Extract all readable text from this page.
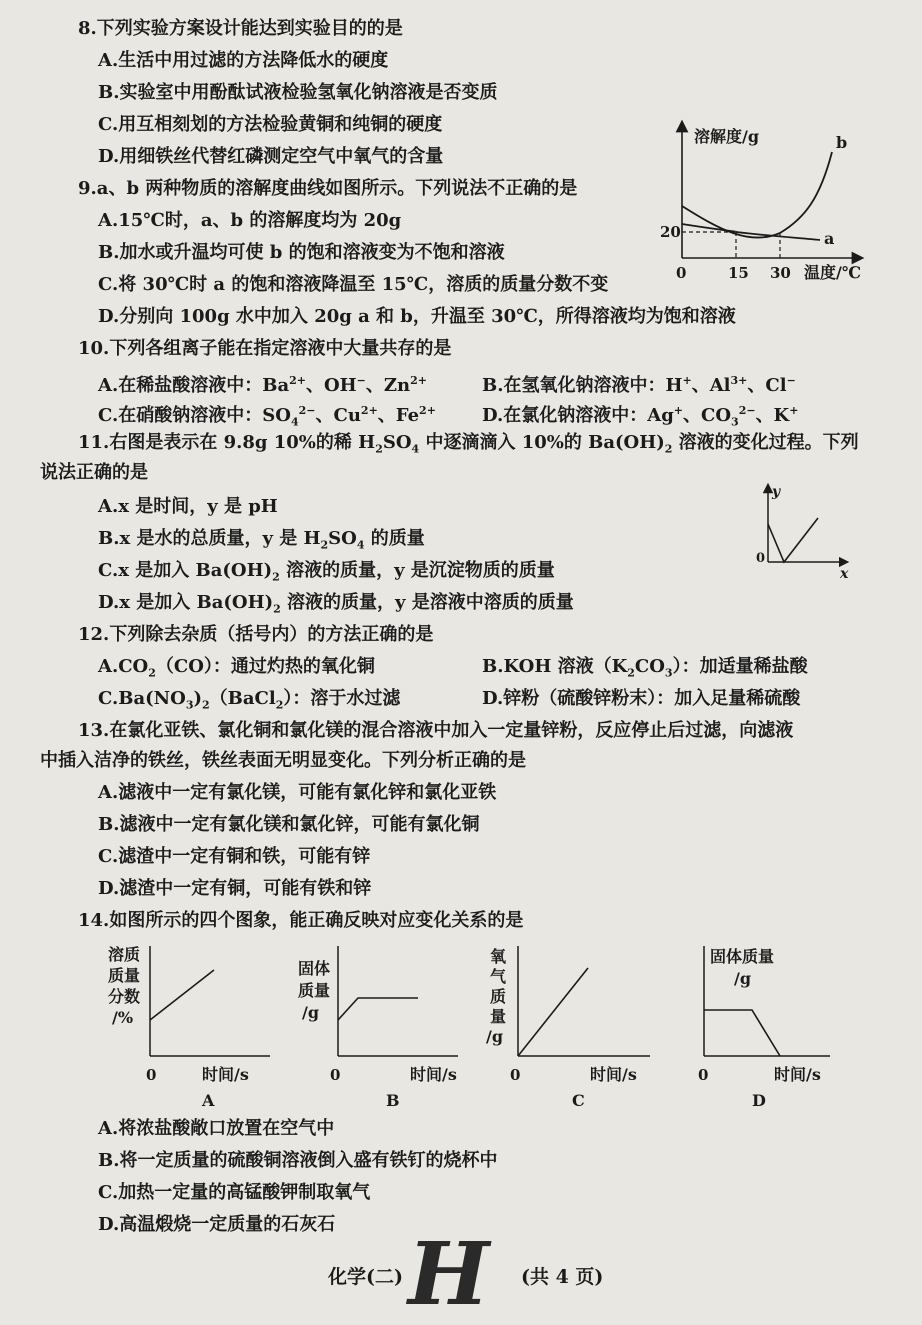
8.下列实验方案设计能达到实验目的的是
A.生活中用过滤的方法降低水的硬度
B.实验室中用酚酞试液检验氢氧化钠溶液是否变质
C.用互相刻划的方法检验黄铜和纯铜的硬度
D.用细铁丝代替红磷测定空气中氧气的含量
9.a、b 两种物质的溶解度曲线如图所示。下列说法不正确的是
A.15℃时，a、b 的溶解度均为 20g
B.加水或升温均可使 b 的饱和溶液变为不饱和溶液
C.将 30℃时 a 的饱和溶液降温至 15℃，溶质的质量分数不变
D.分别向 100g 水中加入 20g a 和 b，升温至 30℃，所得溶液均为饱和溶液
溶解度/g	b
a
20
0	15 30 温度/℃
10.下列各组离子能在指定溶液中大量共存的是
A.在稀盐酸溶液中：$Ba^{2+}$、OH−、$Zn^{2+}$	B.在氢氧化钠溶液中：H+、$Al^{3+}$、Cl−
C.在硝酸钠溶液中：$SO_4^{2-}$、$Cu^{2+}$、$Fe^{2+}$	D.在氯化钠溶液中：Ag+、$CO_3^{2-}$、K+
11.右图是表示在 9.8g 10%的稀 $H_2SO_4$ 中逐滴滴入 10%的 $Ba(OH)_2$ 溶液的变化过程。下列
说法正确的是
A.x 是时间，y 是 pH
B.x 是水的总质量，y 是 $H_2SO_4$ 的质量
C.x 是加入 $Ba(OH)_2$ 溶液的质量，y 是沉淀物质的质量
D.x 是加入 $Ba(OH)_2$ 溶液的质量，y 是溶液中溶质的质量
y
0
x
12.下列除去杂质（括号内）的方法正确的是
$A.CO_2(CO)$：通过灼热的氧化铜	B.KOH 溶液$(K_2CO_3)$：加适量稀盐酸
$C.Ba(NO_3)_2(BaCl_2)$：溶于水过滤	D.锌粉（硫酸锌粉末）：加入足量稀硫酸
13.在氯化亚铁、氯化铜和氯化镁的混合溶液中加入一定量锌粉，反应停止后过滤，向滤液
中插入洁净的铁丝，铁丝表面无明显变化。下列分析正确的是
A.滤液中一定有氯化镁，可能有氯化锌和氯化亚铁
B.滤液中一定有氯化镁和氯化锌，可能有氯化铜
C.滤渣中一定有铜和铁，可能有锌
D.滤渣中一定有铜，可能有铁和锌
14.如图所示的四个图象，能正确反映对应变化关系的是
溶质
质量
分数
/%
0	时间/s
A
固体
质量
/g
0	时间/s
B
氧
气
质
量
/g
0	时间/s
C
固体质量
/g
0	时间/s
D
A.将浓盐酸敞口放置在空气中
B.将一定质量的硫酸铜溶液倒入盛有铁钉的烧杯中
C.加热一定量的高锰酸钾制取氧气
D.高温煅烧一定质量的石灰石 H
化学(二)	(共 4 页)
